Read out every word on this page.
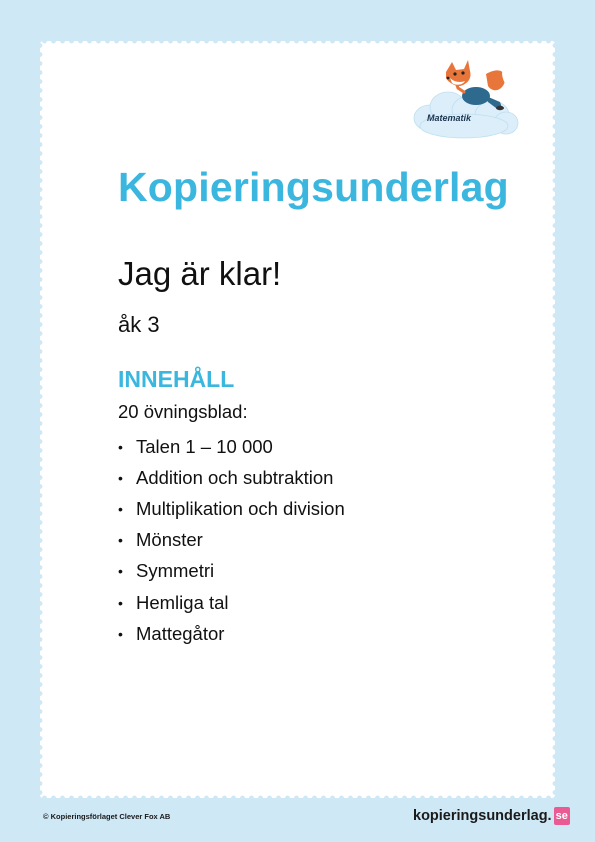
Matematik
Kopieringsunderlag
Jag är klar!
åk 3
INNEHÅLL
20 övningsblad:
• Talen 1 – 10 000
• Addition och subtraktion
• Multiplikation och division
• Mönster
• Symmetri
• Hemliga tal
• Mattegåtor
© Kopieringsförlaget Clever Fox AB	kopieringsunderlag. se
